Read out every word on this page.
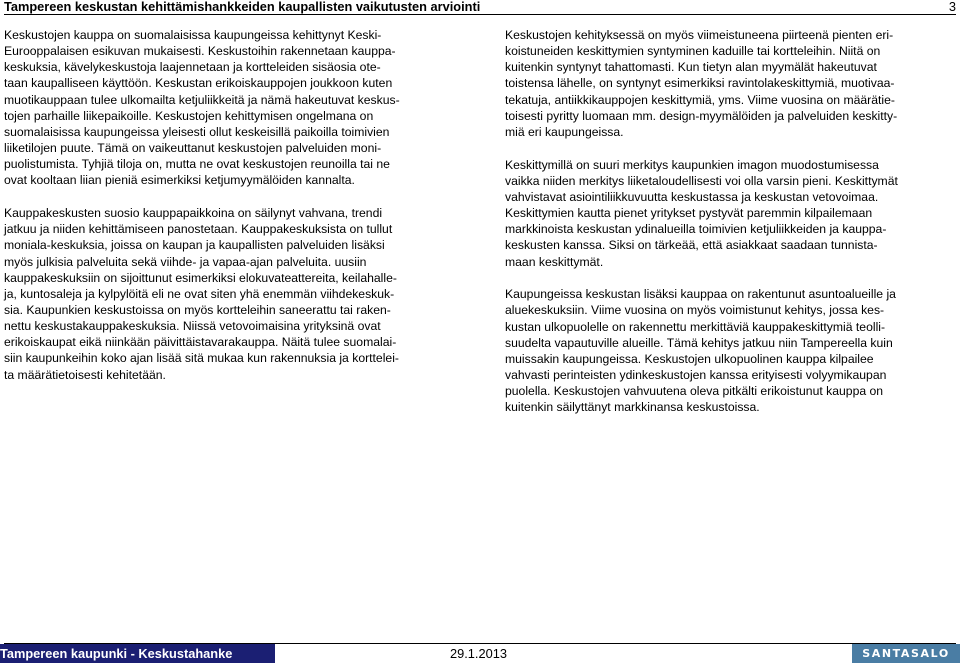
Tampereen keskustan kehittämishankkeiden kaupallisten vaikutusten arviointi	3

Keskustojen kauppa on suomalaisissa kaupungeissa kehittynyt Keski-
Eurooppalaisen esikuvan mukaisesti. Keskustoihin rakennetaan kauppa-
keskuksia, kävelykeskustoja laajennetaan ja kortteleiden sisäosia ote-
taan kaupalliseen käyttöön. Keskustan erikoiskauppojen joukkoon kuten
muotikauppaan tulee ulkomailta ketjuliikkeitä ja nämä hakeutuvat keskus-
tojen parhaille liikepaikoille. Keskustojen kehittymisen ongelmana on
suomalaisissa kaupungeissa yleisesti ollut keskeisillä paikoilla toimivien
liiketilojen puute. Tämä on vaikeuttanut keskustojen palveluiden moni-
puolistumista. Tyhjiä tiloja on, mutta ne ovat keskustojen reunoilla tai ne
ovat kooltaan liian pieniä esimerkiksi ketjumyymälöiden kannalta.

Kauppakeskusten suosio kauppapaikkoina on säilynyt vahvana, trendi
jatkuu ja niiden kehittämiseen panostetaan. Kauppakeskuksista on tullut
moniala-keskuksia, joissa on kaupan ja kaupallisten palveluiden lisäksi
myös julkisia palveluita sekä viihde- ja vapaa-ajan palveluita. uusiin
kauppakeskuksiin on sijoittunut esimerkiksi elokuvateattereita, keilahalle-
ja, kuntosaleja ja kylpylöitä eli ne ovat siten yhä enemmän viihdekeskuk-
sia. Kaupunkien keskustoissa on myös kortteleihin saneerattu tai raken-
nettu keskustakauppakeskuksia. Niissä vetovoimaisina yrityksinä ovat
erikoiskaupat eikä niinkään päivittäistavarakauppa. Näitä tulee suomalai-
siin kaupunkeihin koko ajan lisää sitä mukaa kun rakennuksia ja korttelei-
ta määrätietoisesti kehitetään.

Keskustojen kehityksessä on myös viimeistuneena piirteenä pienten eri-
koistuneiden keskittymien syntyminen kaduille tai kortteleihin. Niitä on
kuitenkin syntynyt tahattomasti. Kun tietyn alan myymälät hakeutuvat
toistensa lähelle, on syntynyt esimerkiksi ravintolakeskittymiä, muotivaa-
tekatuja, antiikkikauppojen keskittymiä, yms. Viime vuosina on määrätie-
toisesti pyritty luomaan mm. design-myymälöiden ja palveluiden keskitty-
miä eri kaupungeissa.

Keskittymillä on suuri merkitys kaupunkien imagon muodostumisessa
vaikka niiden merkitys liiketaloudellisesti voi olla varsin pieni. Keskittymät
vahvistavat asiointiliikkuvuutta keskustassa ja keskustan vetovoimaa.
Keskittymien kautta pienet yritykset pystyvät paremmin kilpailemaan
markkinoista keskustan ydinalueilla toimivien ketjuliikkeiden ja kauppa-
keskusten kanssa. Siksi on tärkeää, että asiakkaat saadaan tunnista-
maan keskittymät.

Kaupungeissa keskustan lisäksi kauppaa on rakentunut asuntoalueille ja
aluekeskuksiin. Viime vuosina on myös voimistunut kehitys, jossa kes-
kustan ulkopuolelle on rakennettu merkittäviä kauppakeskittymiä teolli-
suudelta vapautuville alueille. Tämä kehitys jatkuu niin Tampereella kuin
muissakin kaupungeissa. Keskustojen ulkopuolinen kauppa kilpailee
vahvasti perinteisten ydinkeskustojen kanssa erityisesti volyymikaupan
puolella. Keskustojen vahvuutena oleva pitkälti erikoistunut kauppa on
kuitenkin säilyttänyt markkinansa keskustoissa.

Tampereen kaupunki - Keskustahanke	29.1.2013	SANTASALO
